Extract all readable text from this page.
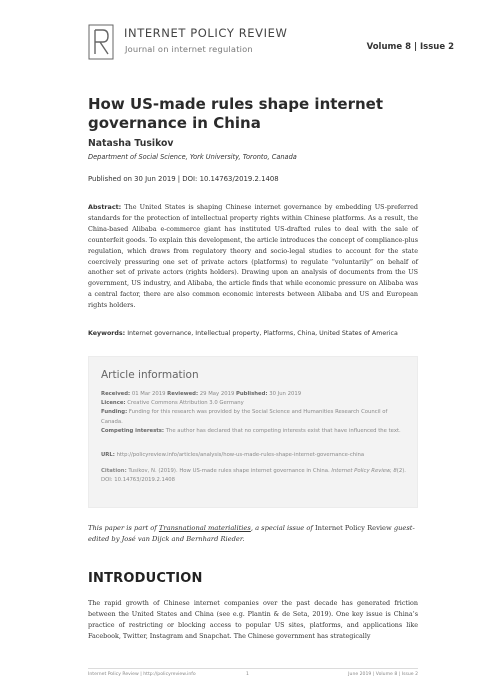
INTERNET POLICY REVIEW
Journal on internet regulation	Volume 8 | Issue 2
How US-made rules shape internet governance in China
Natasha Tusikov
Department of Social Science, York University, Toronto, Canada
Published on 30 Jun 2019 | DOI: 10.14763/2019.2.1408

Abstract: The United States is shaping Chinese internet governance by embedding US-preferred standards for the protection of intellectual property rights within Chinese platforms. As a result, the China-based Alibaba e-commerce giant has instituted US-drafted rules to deal with the sale of counterfeit goods. To explain this development, the article introduces the concept of compliance-plus regulation, which draws from regulatory theory and socio-legal studies to account for the state coercively pressuring one set of private actors (platforms) to regulate “voluntarily” on behalf of another set of private actors (rights holders). Drawing upon an analysis of documents from the US government, US industry, and Alibaba, the article finds that while economic pressure on Alibaba was a central factor, there are also common economic interests between Alibaba and US and European rights holders.

Keywords: Internet governance, Intellectual property, Platforms, China, United States of America
Article information
Received: 01 Mar 2019 Reviewed: 29 May 2019 Published: 30 Jun 2019
Licence: Creative Commons Attribution 3.0 Germany
Funding: Funding for this research was provided by the Social Science and Humanities Research Council of Canada.
Competing interests: The author has declared that no competing interests exist that have influenced the text.
URL: http://policyreview.info/articles/analysis/how-us-made-rules-shape-internet-governance-china
Citation: Tusikov, N. (2019). How US-made rules shape internet governance in China. Internet Policy Review, 8(2). DOI: 10.14763/2019.2.1408
This paper is part of Transnational materialities, a special issue of Internet Policy Review guest-edited by José van Dijck and Bernhard Rieder.
INTRODUCTION

The rapid growth of Chinese internet companies over the past decade has generated friction between the United States and China (see e.g. Plantin & de Seta, 2019). One key issue is China’s practice of restricting or blocking access to popular US sites, platforms, and applications like Facebook, Twitter, Instagram and Snapchat. The Chinese government has strategically

Internet Policy Review | http://policyreview.info	1	June 2019 | Volume 8 | Issue 2
